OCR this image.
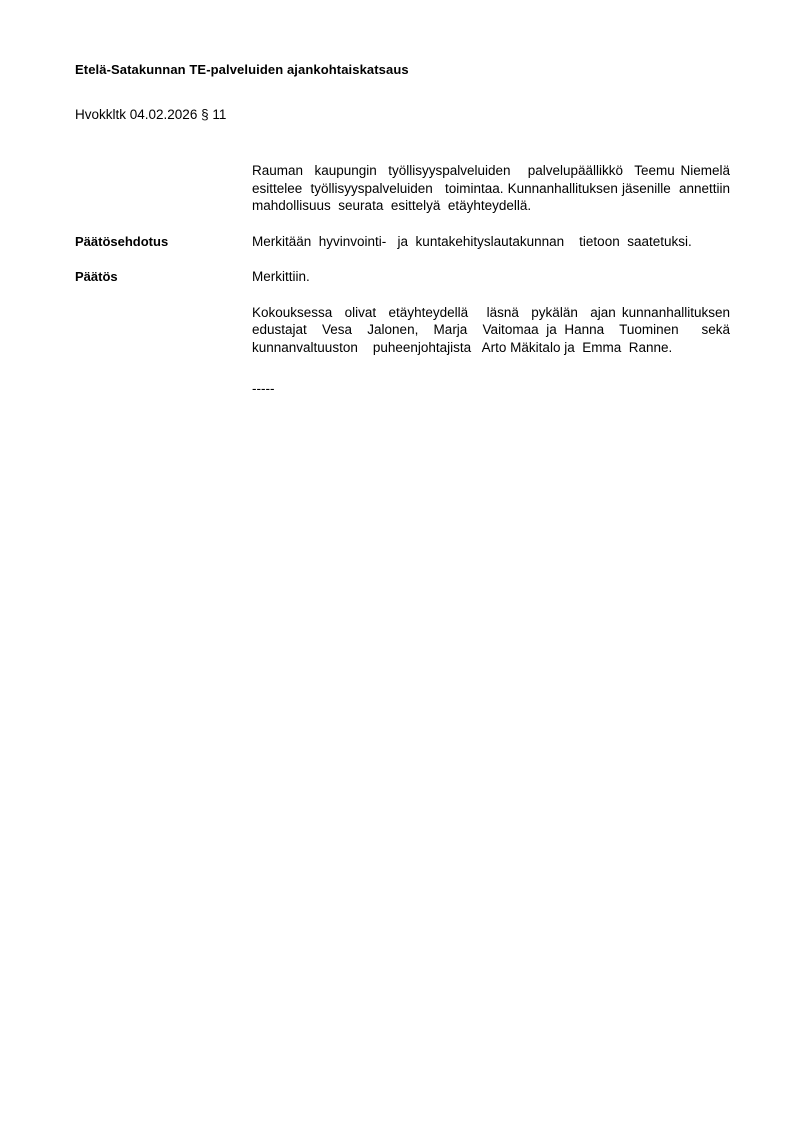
Etelä-Satakunnan TE-palveluiden ajankohtaiskatsaus
Hvokkltk 04.02.2026 § 11

Rauman  kaupungin  työllisyyspalveluiden   palvelupäällikkö  Teemu Niemelä  esittelee  työllisyyspalveluiden   toimintaa. Kunnanhallituksen jäsenille  annettiin  mahdollisuus  seurata  esittelyä  etäyhteydellä.

Päätösehdotus	Merkitään  hyvinvointi-   ja  kuntakehityslautakunnan    tietoon  saatetuksi.

Päätös	Merkittiin.

Kokouksessa  olivat  etäyhteydellä   läsnä  pykälän  ajan kunnanhallituksen    edustajat  Vesa  Jalonen,  Marja  Vaitomaa ja Hanna  Tuominen   sekä kunnanvaltuuston    puheenjohtajista   Arto Mäkitalo ja  Emma  Ranne.

-----
